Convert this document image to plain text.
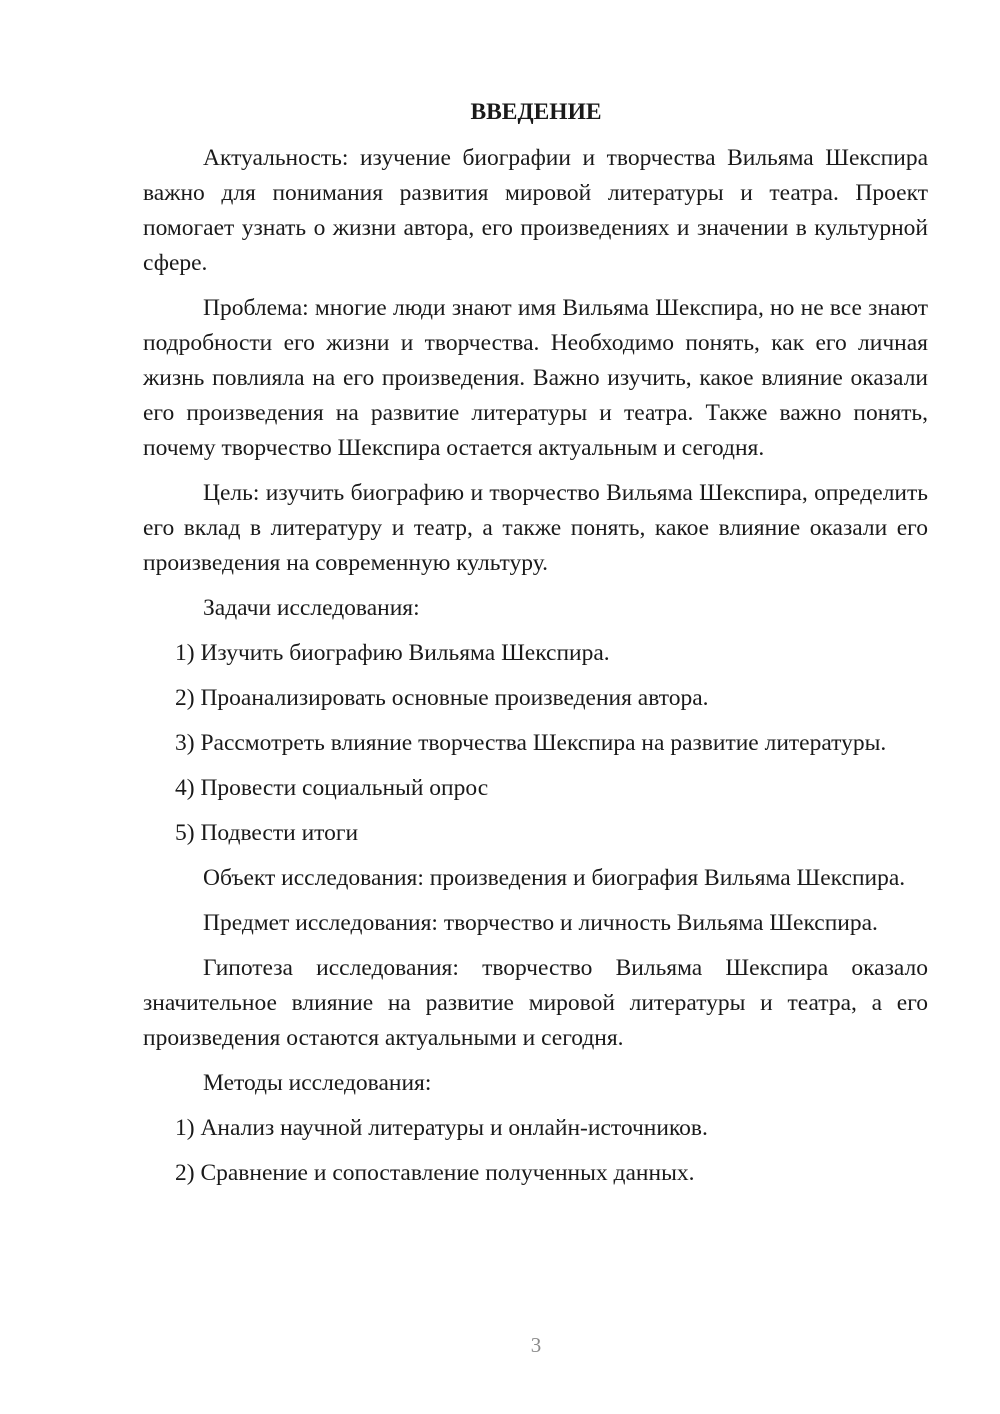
ВВЕДЕНИЕ

Актуальность: изучение биографии и творчества Вильяма Шекспира важно для понимания развития мировой литературы и театра. Проект помогает узнать о жизни автора, его произведениях и значении в культурной сфере.

Проблема: многие люди знают имя Вильяма Шекспира, но не все знают подробности его жизни и творчества. Необходимо понять, как его личная жизнь повлияла на его произведения. Важно изучить, какое влияние оказали его произведения на развитие литературы и театра. Также важно понять, почему творчество Шекспира остается актуальным и сегодня.

Цель: изучить биографию и творчество Вильяма Шекспира, определить его вклад в литературу и театр, а также понять, какое влияние оказали его произведения на современную культуру.

Задачи исследования:

1) Изучить биографию Вильяма Шекспира.

2) Проанализировать основные произведения автора.

3) Рассмотреть влияние творчества Шекспира на развитие литературы.

4) Провести социальный опрос

5) Подвести итоги

Объект исследования: произведения и биография Вильяма Шекспира.

Предмет исследования: творчество и личность Вильяма Шекспира.

Гипотеза исследования: творчество Вильяма Шекспира оказало значительное влияние на развитие мировой литературы и театра, а его произведения остаются актуальными и сегодня.

Методы исследования:

1) Анализ научной литературы и онлайн-источников.

2) Сравнение и сопоставление полученных данных.

3
